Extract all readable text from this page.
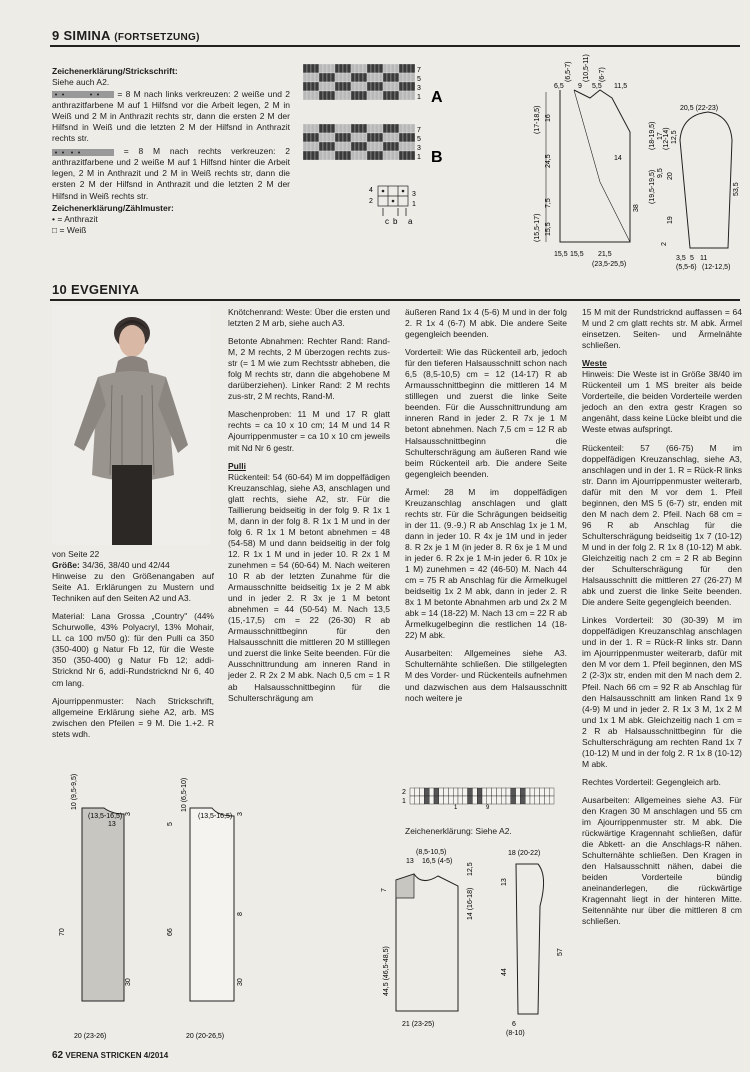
9 SIMINA (FORTSETZUNG)
Zeichenerklärung/Strickschrift:
Siehe auch A2.
= 8 M nach links verkreuzen: 2 weiße und 2 anthrazitfarbene M auf 1 Hilfsnd vor die Arbeit legen, 2 M in Weiß und 2 M in Anthrazit rechts str, dann die ersten 2 M der Hilfsnd in Weiß und die letzten 2 M der Hilfsnd in Anthrazit rechts str.
= 8 M nach rechts verkreuzen: 2 anthrazitfarbene und 2 weiße M auf 1 Hilfsnd hinter die Arbeit legen, 2 M in Anthrazit und 2 M in Weiß rechts str, dann die ersten 2 M der Hilfsnd in Anthrazit und die letzten 2 M der Hilfsnd in Weiß rechts str.
Zeichenerklärung/Zählmuster:
• = Anthrazit
□ = Weiß
7
5
3
1 A
7
5
3
1 B
4
2
3
1
c b a
(6,5-7) (10,5-11) (6-7)
6,5 9 5,5 11,5
(17-18,5) 16
24,5
7,5
15,5
(15,5-17)
14
38
15,5 15,5 21,5
(23,5-25,5)
20,5 (22-23)
(18-19,5) 17 (12-14) 12,5
(19,5-19,5) 9,5 20
2
19
53,5
3,5 5 11
(5,5-6) (12-12,5)
10 EVGENIYA
von Seite 22
Größe: 34/36, 38/40 und 42/44

Hinweise zu den Größenangaben auf Seite A1. Erklärungen zu Mustern und Techniken auf den Seiten A2 und A3.

Material: Lana Grossa „Country" (44% Schurwolle, 43% Polyacryl, 13% Mohair, LL ca 100 m/50 g): für den Pulli ca 350 (350-400) g Natur Fb 12, für die Weste 350 (350-400) g Natur Fb 12; addi-Stricknd Nr 6, addi-Rundstricknd Nr 6, 40 cm lang.

Ajourrippenmuster: Nach Strickschrift, allgemeine Erklärung siehe A2, arb. MS zwischen den Pfeilen = 9 M. Die 1.+2. R stets wdh.

Knötchenrand: Weste: Über die ersten und letzten 2 M arb, siehe auch A3.

Betonte Abnahmen: Rechter Rand: Rand-M, 2 M rechts, 2 M überzogen rechts zus-str (= 1 M wie zum Rechtsstr abheben, die folg M rechts str, dann die abgehobene M darüberziehen). Linker Rand: 2 M rechts zus-str, 2 M rechts, Rand-M.

Maschenproben: 11 M und 17 R glatt rechts = ca 10 x 10 cm; 14 M und 14 R Ajourrippenmuster = ca 10 x 10 cm jeweils mit Nd Nr 6 gestr.

Pulli
Rückenteil: 54 (60-64) M im doppelfädigen Kreuzanschlag, siehe A3, anschlagen und glatt rechts, siehe A2, str. Für die Taillierung beidseitig in der folg 9. R 1x 1 M, dann in der folg 8. R 1x 1 M und in der folg 6. R 1x 1 M betont abnehmen = 48 (54-58) M und dann beidseitig in der folg 12. R 1x 1 M und in jeder 10. R 2x 1 M zunehmen = 54 (60-64) M. Nach weiteren 10 R ab der letzten Zunahme für die Armausschnitte beidseitig 1x je 2 M abk und in jeder 2. R 3x je 1 M betont abnehmen = 44 (50-54) M. Nach 13,5 (15,-17,5) cm = 22 (26-30) R ab Armausschnittbeginn für den Halsausschnitt die mittleren 20 M stilllegen und zuerst die linke Seite beenden. Für die Ausschnittrundung am inneren Rand in jeder 2. R 2x 2 M abk. Nach 0,5 cm = 1 R ab Halsausschnittbeginn für die Schulterschrägung am

äußeren Rand 1x 4 (5-6) M und in der folg 2. R 1x 4 (6-7) M abk. Die andere Seite gegengleich beenden.

Vorderteil: Wie das Rückenteil arb, jedoch für den tieferen Halsausschnitt schon nach 6,5 (8,5-10,5) cm = 12 (14-17) R ab Armausschnittbeginn die mittleren 14 M stilllegen und zuerst die linke Seite beenden. Für die Ausschnittrundung am inneren Rand in jeder 2. R 7x je 1 M betont abnehmen. Nach 7,5 cm = 12 R ab Halsausschnittbeginn die Schulterschrägung am äußeren Rand wie beim Rückenteil arb. Die andere Seite gegengleich beenden.

Ärmel: 28 M im doppelfädigen Kreuzanschlag anschlagen und glatt rechts str. Für die Schrägungen beidseitig in der 11. (9.-9.) R ab Anschlag 1x je 1 M, dann in jeder 10. R 4x je 1M und in jeder 8. R 2x je 1 M (in jeder 8. R 6x je 1 M und in jeder 6. R 2x je 1 M-in jeder 6. R 10x je 1 M) zunehmen = 42 (46-50) M. Nach 44 cm = 75 R ab Anschlag für die Ärmelkugel beidseitig 1x 2 M abk, dann in jeder 2. R 8x 1 M betonte Abnahmen arb und 2x 2 M abk = 14 (18-22) M. Nach 13 cm = 22 R ab Ärmelkugelbeginn die restlichen 14 (18-22) M abk.

Ausarbeiten: Allgemeines siehe A3. Schulternähte schließen. Die stillgelegten M des Vorder- und Rückenteils aufnehmen und dazwischen aus dem Halsausschnitt noch weitere je

2
1
1	9
Zeichenerklärung: Siehe A2.

15 M mit der Rundstricknd auffassen = 64 M und 2 cm glatt rechts str. M abk. Ärmel einsetzen. Seiten- und Ärmelnähte schließen.

Weste

Hinweis: Die Weste ist in Größe 38/40 im Rückenteil um 1 MS breiter als beide Vorderteile, die beiden Vorderteile werden jedoch an den extra gestr Kragen so angenäht, dass keine Lücke bleibt und die Weste etwas aufspringt.

Rückenteil: 57 (66-75) M im doppelfädigen Kreuzanschlag, siehe A3, anschlagen und in der 1. R = Rück-R links str. Dann im Ajourrippenmuster weiterarb, dafür mit den M vor dem 1. Pfeil beginnen, den MS 5 (6-7) str, enden mit den M nach dem 2. Pfeil. Nach 68 cm = 96 R ab Anschlag für die Schulterschrägung beidseitig 1x 7 (10-12) M und in der folg 2. R 1x 8 (10-12) M abk. Gleichzeitig nach 2 cm = 2 R ab Beginn der Schulterschrägung für den Halsausschnitt die mittleren 27 (26-27) M abk und zuerst die linke Seite beenden. Die andere Seite gegengleich beenden.

Linkes Vorderteil: 30 (30-39) M im doppelfädigen Kreuzanschlag anschlagen und in der 1. R = Rück-R links str. Dann im Ajourrippenmuster weiterarb, dafür mit den M vor dem 1. Pfeil beginnen, den MS 2 (2-3)x str, enden mit den M nach dem 2. Pfeil. Nach 66 cm = 92 R ab Anschlag für den Halsausschnitt am linken Rand 1x 9 (4-9) M und in jeder 2. R 1x 3 M, 1x 2 M und 1x 1 M abk. Gleichzeitig nach 1 cm = 2 R ab Halsausschnittbeginn für die Schulterschrägung am rechten Rand 1x 7 (10-12) M und in der folg 2. R 1x 8 (10-12) M abk.

Rechtes Vorderteil: Gegengleich arb.

Ausarbeiten: Allgemeines siehe A3. Für den Kragen 30 M anschlagen und 55 cm im Ajourrippenmuster str. M abk. Die rückwärtige Kragennaht schließen, dafür die Abkett- an die Anschlags-R nähen. Schulternähte schließen. Den Kragen in den Halsausschnitt nähen, dabei die beiden Vorderteile bündig aneinanderlegen, die rückwärtige Kragennaht liegt in der hinteren Mitte. Seitennähte nur über die mittleren 8 cm schließen.

10 (9,5-9,5)
(13,5-16,5)
13
70
30
20 (23-26)
10 (6,5-10)
(13,5-16,5)
5
66
8
30
20 (20-26,5)
3	3
(8,5-10,5)
13 16,5 (4-5)
7
44,5 (46,5-48,5)
14 (16-18)
12,5
21 (23-25)
13
44
57
18 (20-22)
6
(8-10)
62 VERENA STRICKEN 4/2014
